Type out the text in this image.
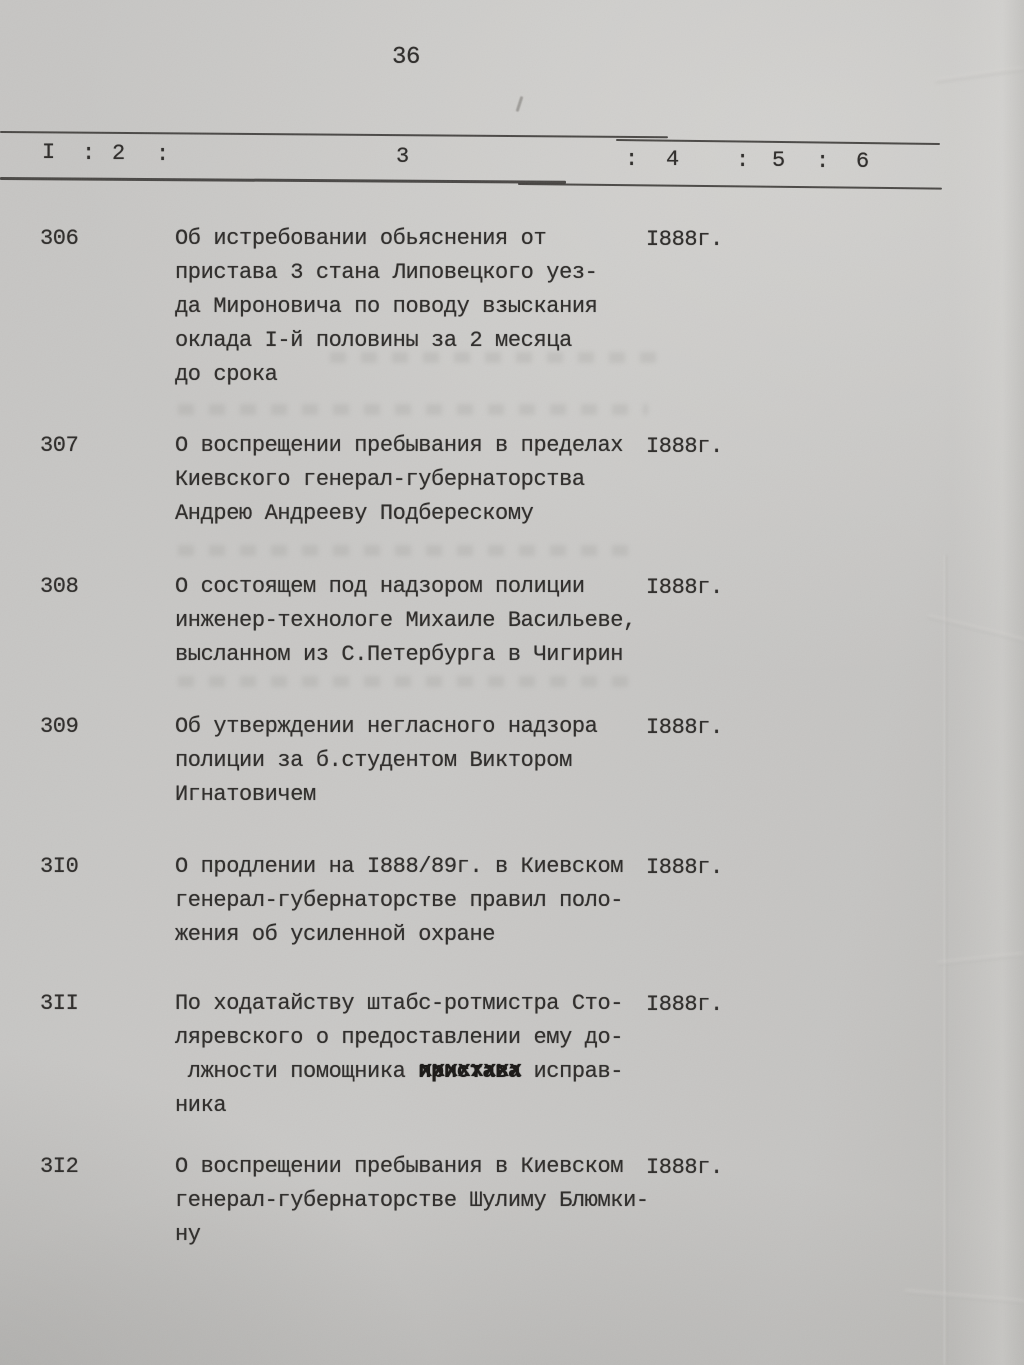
36
I : 2 :	3	: 4	: 5 : 6
306	Об истребовании обьяснения от
пристава 3 стана Липовецкого уез-
да Мироновича по поводу взыскания
оклада I-й половины за 2 месяца
до срока
I888г.
307	О воспрещении пребывания в пределах
Киевского генерал-губернаторства
Андрею Андрееву Подберескому
I888г.
308	О состоящем под надзором полиции
инженер-технологе Михаиле Васильеве,
высланном из С.Петербурга в Чигирин
I888г.
309	Об утверждении негласного надзора
полиции за б.студентом Виктором
Игнатовичем
I888г.
3I0	О продлении на I888/89г. в Киевском
генерал-губернаторстве правил поло-
жения об усиленной охране
I888г.
3II	По ходатайству штабс-ротмистра Сто-
ляревского о предоставлении ему до-
лжности помощника пристава хххххххх исправ-
ника
I888г.
3I2	О воспрещении пребывания в Киевском
генерал-губернаторстве Шулиму Блюмки-
ну
I888г.
